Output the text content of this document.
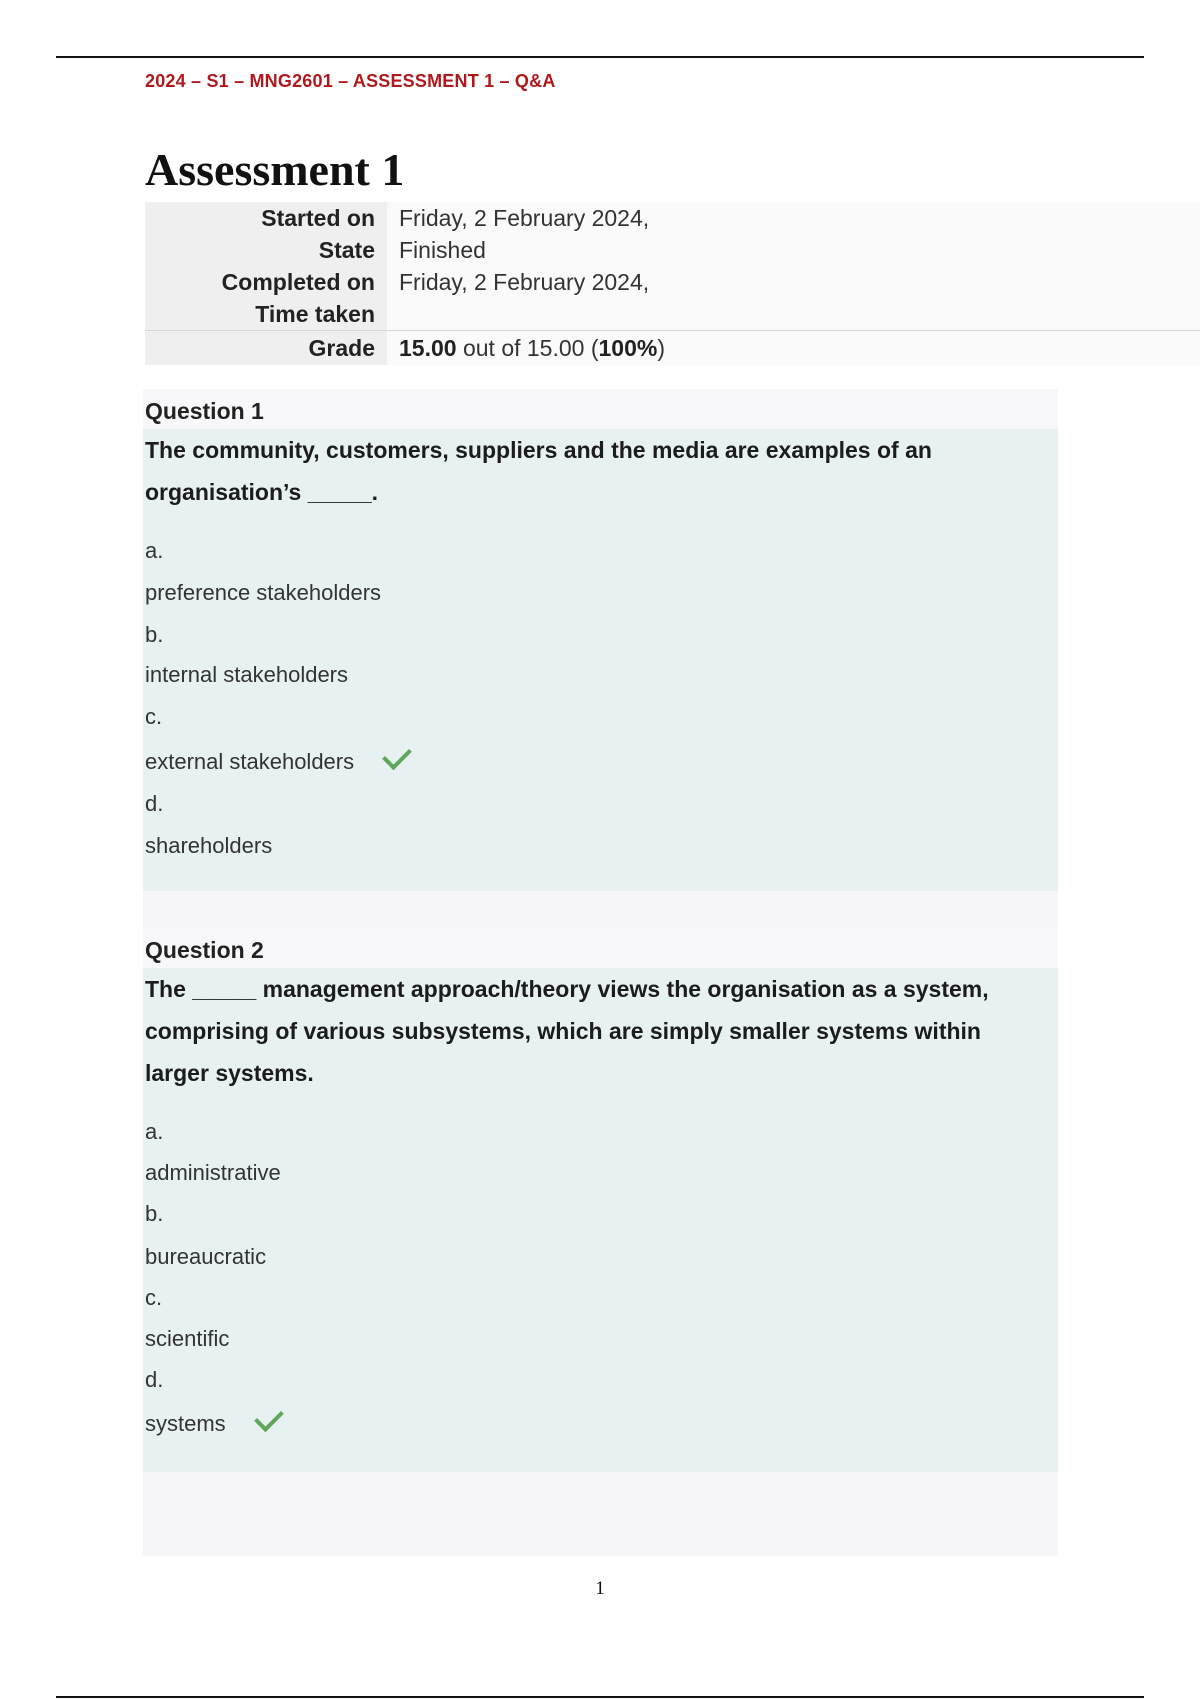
2024 – S1 – MNG2601 – ASSESSMENT 1 – Q&A
Assessment 1
Started on	Friday, 2 February 2024,
State	Finished
Completed on	Friday, 2 February 2024,
Time taken	
Grade	15.00 out of 15.00 (100%)
Question 1
The community, customers, suppliers and the media are examples of an organisation’s _____.
a.
preference stakeholders
b.
internal stakeholders
c.
external stakeholders
d.
shareholders
Question 2
The _____ management approach/theory views the organisation as a system, comprising of various subsystems, which are simply smaller systems within larger systems.
a.
administrative
b.
bureaucratic
c.
scientific
d.
systems
1
